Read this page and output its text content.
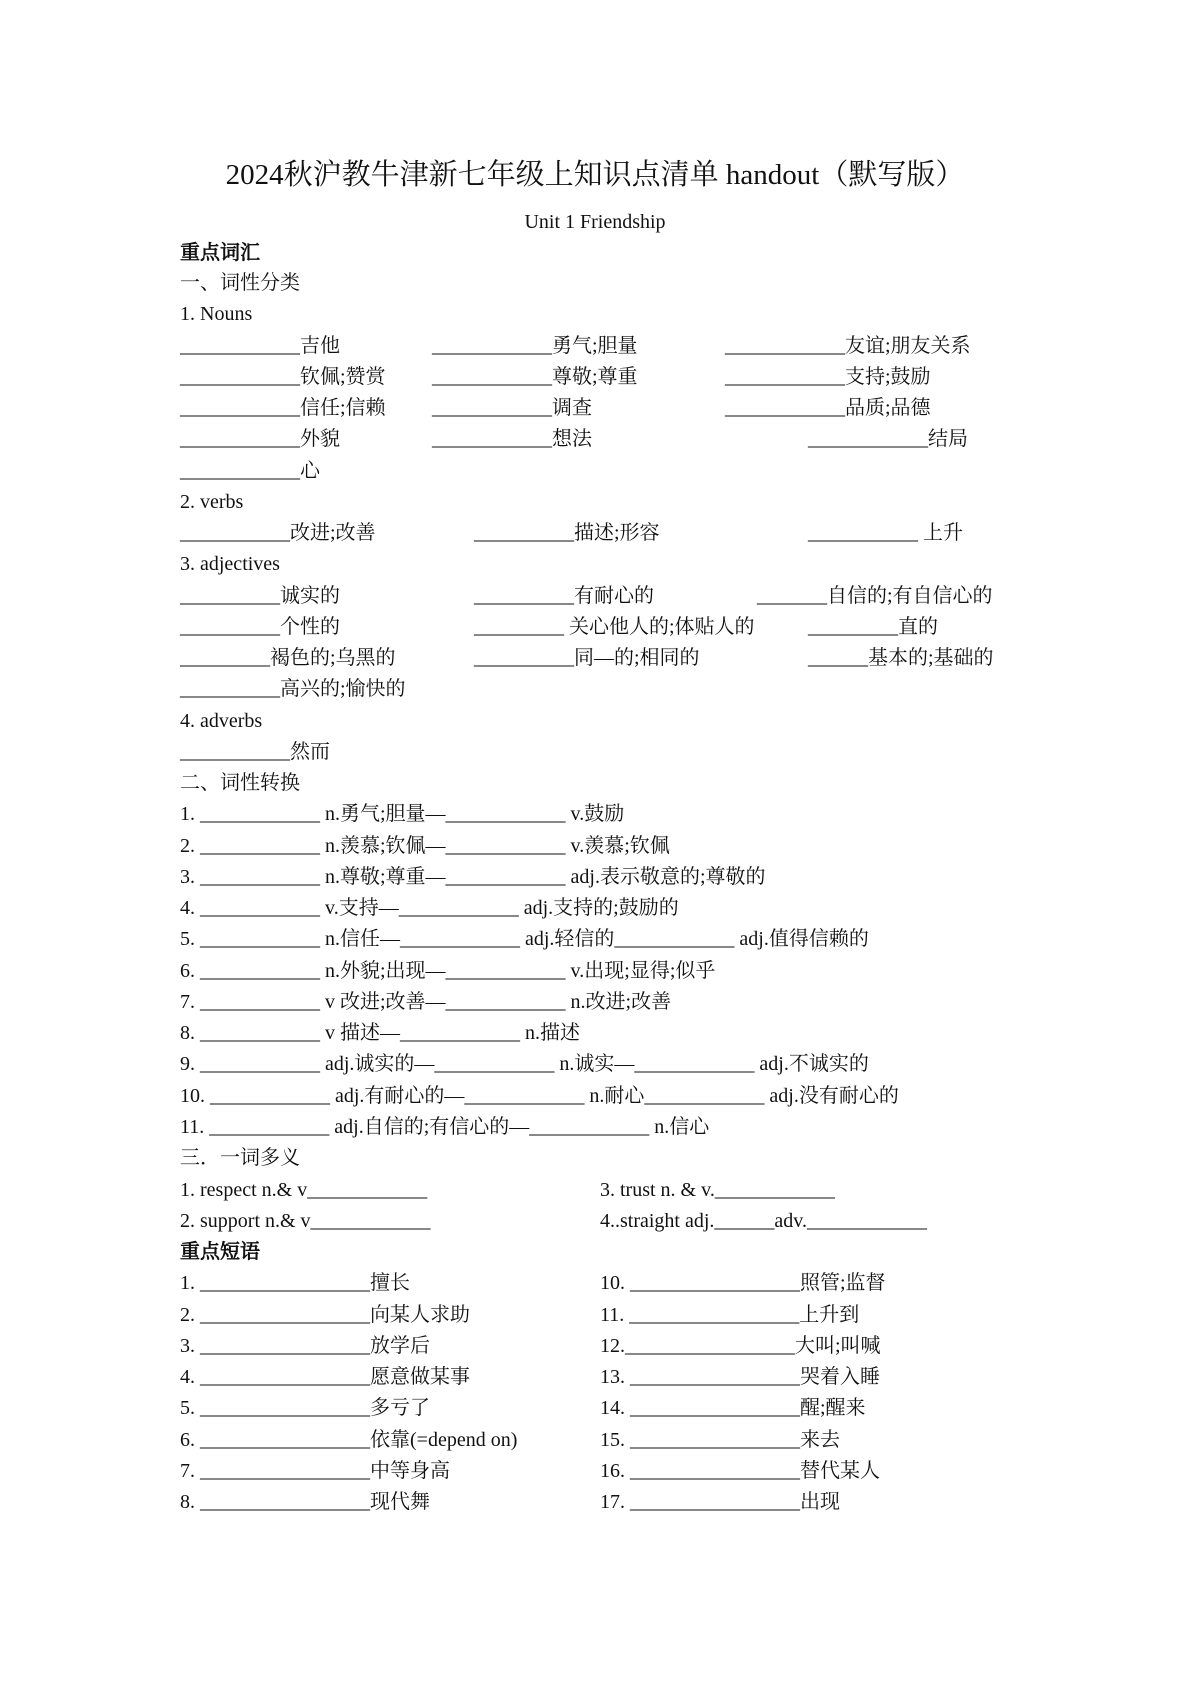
2024秋沪教牛津新七年级上知识点清单 handout（默写版）
Unit 1 Friendship
重点词汇
一、词性分类
1. Nouns
____________吉他	____________勇气;胆量	____________友谊;朋友关系
____________钦佩;赞赏 ____________尊敬;尊重	____________支持;鼓励
____________信任;信赖 ____________调查	____________品质;品德
____________外貌	____________想法	____________结局
____________心
2. verbs
___________改进;改善	__________描述;形容	___________ 上升
3. adjectives
__________诚实的	__________有耐心的	_______自信的;有自信心的
__________个性的	_________ 关心他人的;体贴人的	_________直的
_________褐色的;乌黑的	__________同—的;相同的	______基本的;基础的
__________高兴的;愉快的
4. adverbs
___________然而
二、词性转换
1. ____________ n.勇气;胆量—____________ v.鼓励
2. ____________ n.羡慕;钦佩—____________ v.羡慕;钦佩
3. ____________ n.尊敬;尊重—____________ adj.表示敬意的;尊敬的
4. ____________ v.支持—____________ adj.支持的;鼓励的
5. ____________ n.信任—____________ adj.轻信的____________ adj.值得信赖的
6. ____________ n.外貌;出现—____________ v.出现;显得;似乎
7. ____________ v 改进;改善—____________ n.改进;改善
8. ____________ v 描述—____________ n.描述
9. ____________ adj.诚实的—____________ n.诚实—____________ adj.不诚实的
10. ____________ adj.有耐心的—____________ n.耐心____________ adj.没有耐心的
11. ____________ adj.自信的;有信心的—____________ n.信心
三．一词多义
1. respect n.& v____________	3. trust n. & v.____________
2. support n.& v____________	4..straight adj.______adv.____________
重点短语
1. _________________擅长	10. _________________照管;监督
2. _________________向某人求助	11. _________________上升到
3. _________________放学后	12._________________大叫;叫喊
4. _________________愿意做某事	13. _________________哭着入睡
5. _________________多亏了	14. _________________醒;醒来
6. _________________依靠(=depend on)	15. _________________来去
7. _________________中等身高	16. _________________替代某人
8. _________________现代舞	17. _________________出现
